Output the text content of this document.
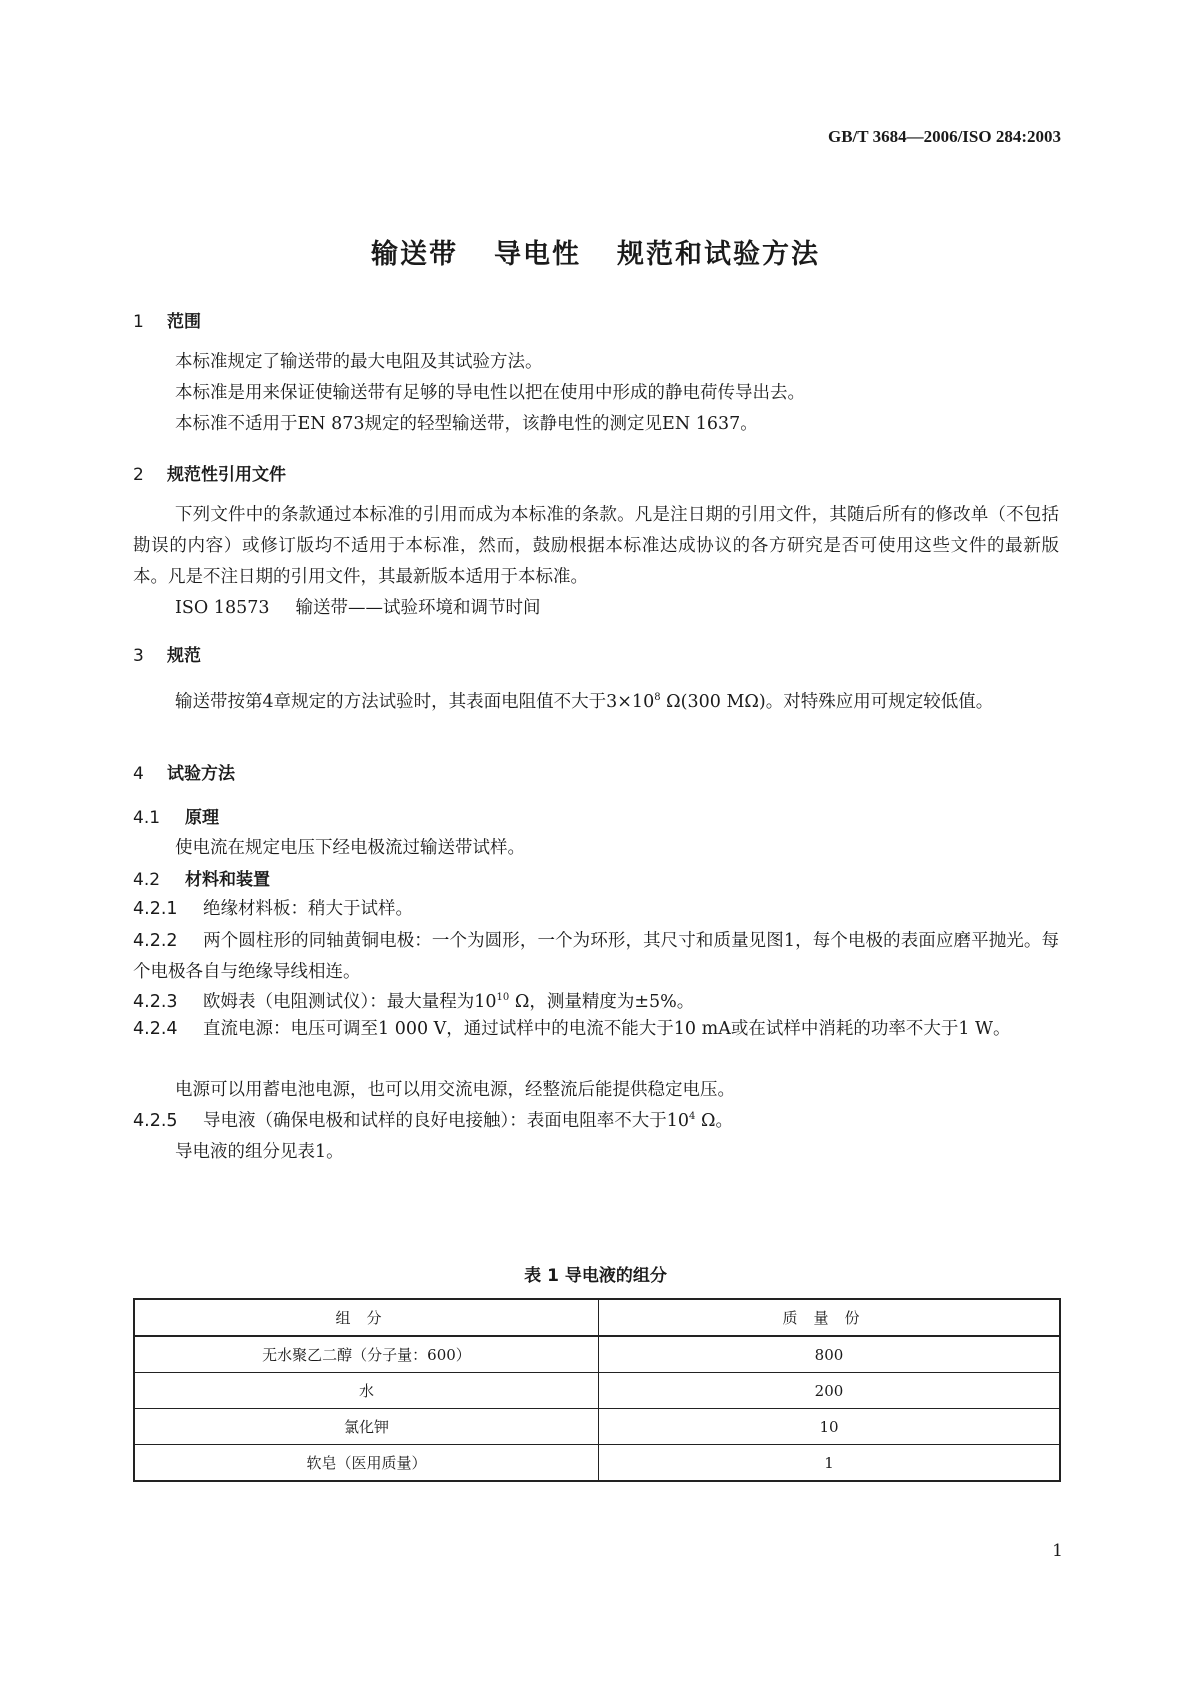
GB/T 3684—2006/ISO 284:2003
输送带 导电性 规范和试验方法
1 范围
本标准规定了输送带的最大电阻及其试验方法。
本标准是用来保证使输送带有足够的导电性以把在使用中形成的静电荷传导出去。
本标准不适用于EN 873规定的轻型输送带，该静电性的测定见EN 1637。
2 规范性引用文件
下列文件中的条款通过本标准的引用而成为本标准的条款。凡是注日期的引用文件，其随后所有的修改单（不包括勘误的内容）或修订版均不适用于本标准，然而，鼓励根据本标准达成协议的各方研究是否可使用这些文件的最新版本。凡是不注日期的引用文件，其最新版本适用于本标准。
ISO 18573 输送带——试验环境和调节时间
3 规范
输送带按第4章规定的方法试验时，其表面电阻值不大于$3\times 10^8$ Ω(300 MΩ)。对特殊应用可规定较低值。
4 试验方法
4.1 原理
使电流在规定电压下经电极流过输送带试样。
4.2 材料和装置
4.2.1 绝缘材料板：稍大于试样。
4.2.2 两个圆柱形的同轴黄铜电极：一个为圆形，一个为环形，其尺寸和质量见图1，每个电极的表面应磨平抛光。每个电极各自与绝缘导线相连。
4.2.3 欧姆表（电阻测试仪）：最大量程为$10^{10}$ Ω，测量精度为±5%。
4.2.4 直流电源：电压可调至1 000 V，通过试样中的电流不能大于10 mA或在试样中消耗的功率不大于1 W。
电源可以用蓄电池电源，也可以用交流电源，经整流后能提供稳定电压。
4.2.5 导电液（确保电极和试样的良好电接触）：表面电阻率不大于$10^4$ Ω。
导电液的组分见表1。
表 1 导电液的组分
组分	质量份
无水聚乙二醇（分子量：600）	800
水	200
氯化钾	10
软皂（医用质量）	1
1
